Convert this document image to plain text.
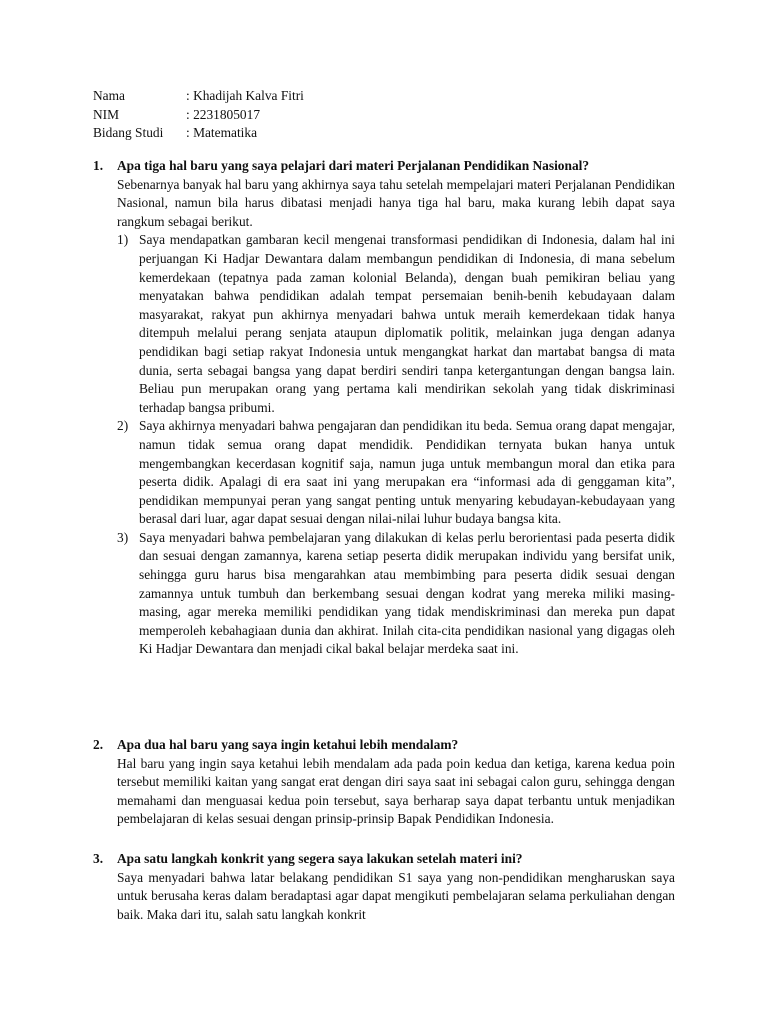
Nama	: Khadijah Kalva Fitri
NIM	: 2231805017
Bidang Studi	: Matematika
1.	Apa tiga hal baru yang saya pelajari dari materi Perjalanan Pendidikan Nasional?
Sebenarnya banyak hal baru yang akhirnya saya tahu setelah mempelajari materi Perjalanan Pendidikan Nasional, namun bila harus dibatasi menjadi hanya tiga hal baru, maka kurang lebih dapat saya rangkum sebagai berikut.
1) Saya mendapatkan gambaran kecil mengenai transformasi pendidikan di Indonesia, dalam hal ini perjuangan Ki Hadjar Dewantara dalam membangun pendidikan di Indonesia, di mana sebelum kemerdekaan (tepatnya pada zaman kolonial Belanda), dengan buah pemikiran beliau yang menyatakan bahwa pendidikan adalah tempat persemaian benih-benih kebudayaan dalam masyarakat, rakyat pun akhirnya menyadari bahwa untuk meraih kemerdekaan tidak hanya ditempuh melalui perang senjata ataupun diplomatik politik, melainkan juga dengan adanya pendidikan bagi setiap rakyat Indonesia untuk mengangkat harkat dan martabat bangsa di mata dunia, serta sebagai bangsa yang dapat berdiri sendiri tanpa ketergantungan dengan bangsa lain. Beliau pun merupakan orang yang pertama kali mendirikan sekolah yang tidak diskriminasi terhadap bangsa pribumi.
2) Saya akhirnya menyadari bahwa pengajaran dan pendidikan itu beda. Semua orang dapat mengajar, namun tidak semua orang dapat mendidik. Pendidikan ternyata bukan hanya untuk mengembangkan kecerdasan kognitif saja, namun juga untuk membangun moral dan etika para peserta didik. Apalagi di era saat ini yang merupakan era “informasi ada di genggaman kita”, pendidikan mempunyai peran yang sangat penting untuk menyaring kebudayan-kebudayaan yang berasal dari luar, agar dapat sesuai dengan nilai-nilai luhur budaya bangsa kita.
3) Saya menyadari bahwa pembelajaran yang dilakukan di kelas perlu berorientasi pada peserta didik dan sesuai dengan zamannya, karena setiap peserta didik merupakan individu yang bersifat unik, sehingga guru harus bisa mengarahkan atau membimbing para peserta didik sesuai dengan zamannya untuk tumbuh dan berkembang sesuai dengan kodrat yang mereka miliki masing-masing, agar mereka memiliki pendidikan yang tidak mendiskriminasi dan mereka pun dapat memperoleh kebahagiaan dunia dan akhirat. Inilah cita-cita pendidikan nasional yang digagas oleh Ki Hadjar Dewantara dan menjadi cikal bakal belajar merdeka saat ini.
2.	Apa dua hal baru yang saya ingin ketahui lebih mendalam?
Hal baru yang ingin saya ketahui lebih mendalam ada pada poin kedua dan ketiga, karena kedua poin tersebut memiliki kaitan yang sangat erat dengan diri saya saat ini sebagai calon guru, sehingga dengan memahami dan menguasai kedua poin tersebut, saya berharap saya dapat terbantu untuk menjadikan pembelajaran di kelas sesuai dengan prinsip-prinsip Bapak Pendidikan Indonesia.
3.	Apa satu langkah konkrit yang segera saya lakukan setelah materi ini?
Saya menyadari bahwa latar belakang pendidikan S1 saya yang non-pendidikan mengharuskan saya untuk berusaha keras dalam beradaptasi agar dapat mengikuti pembelajaran selama perkuliahan dengan baik. Maka dari itu, salah satu langkah konkrit
